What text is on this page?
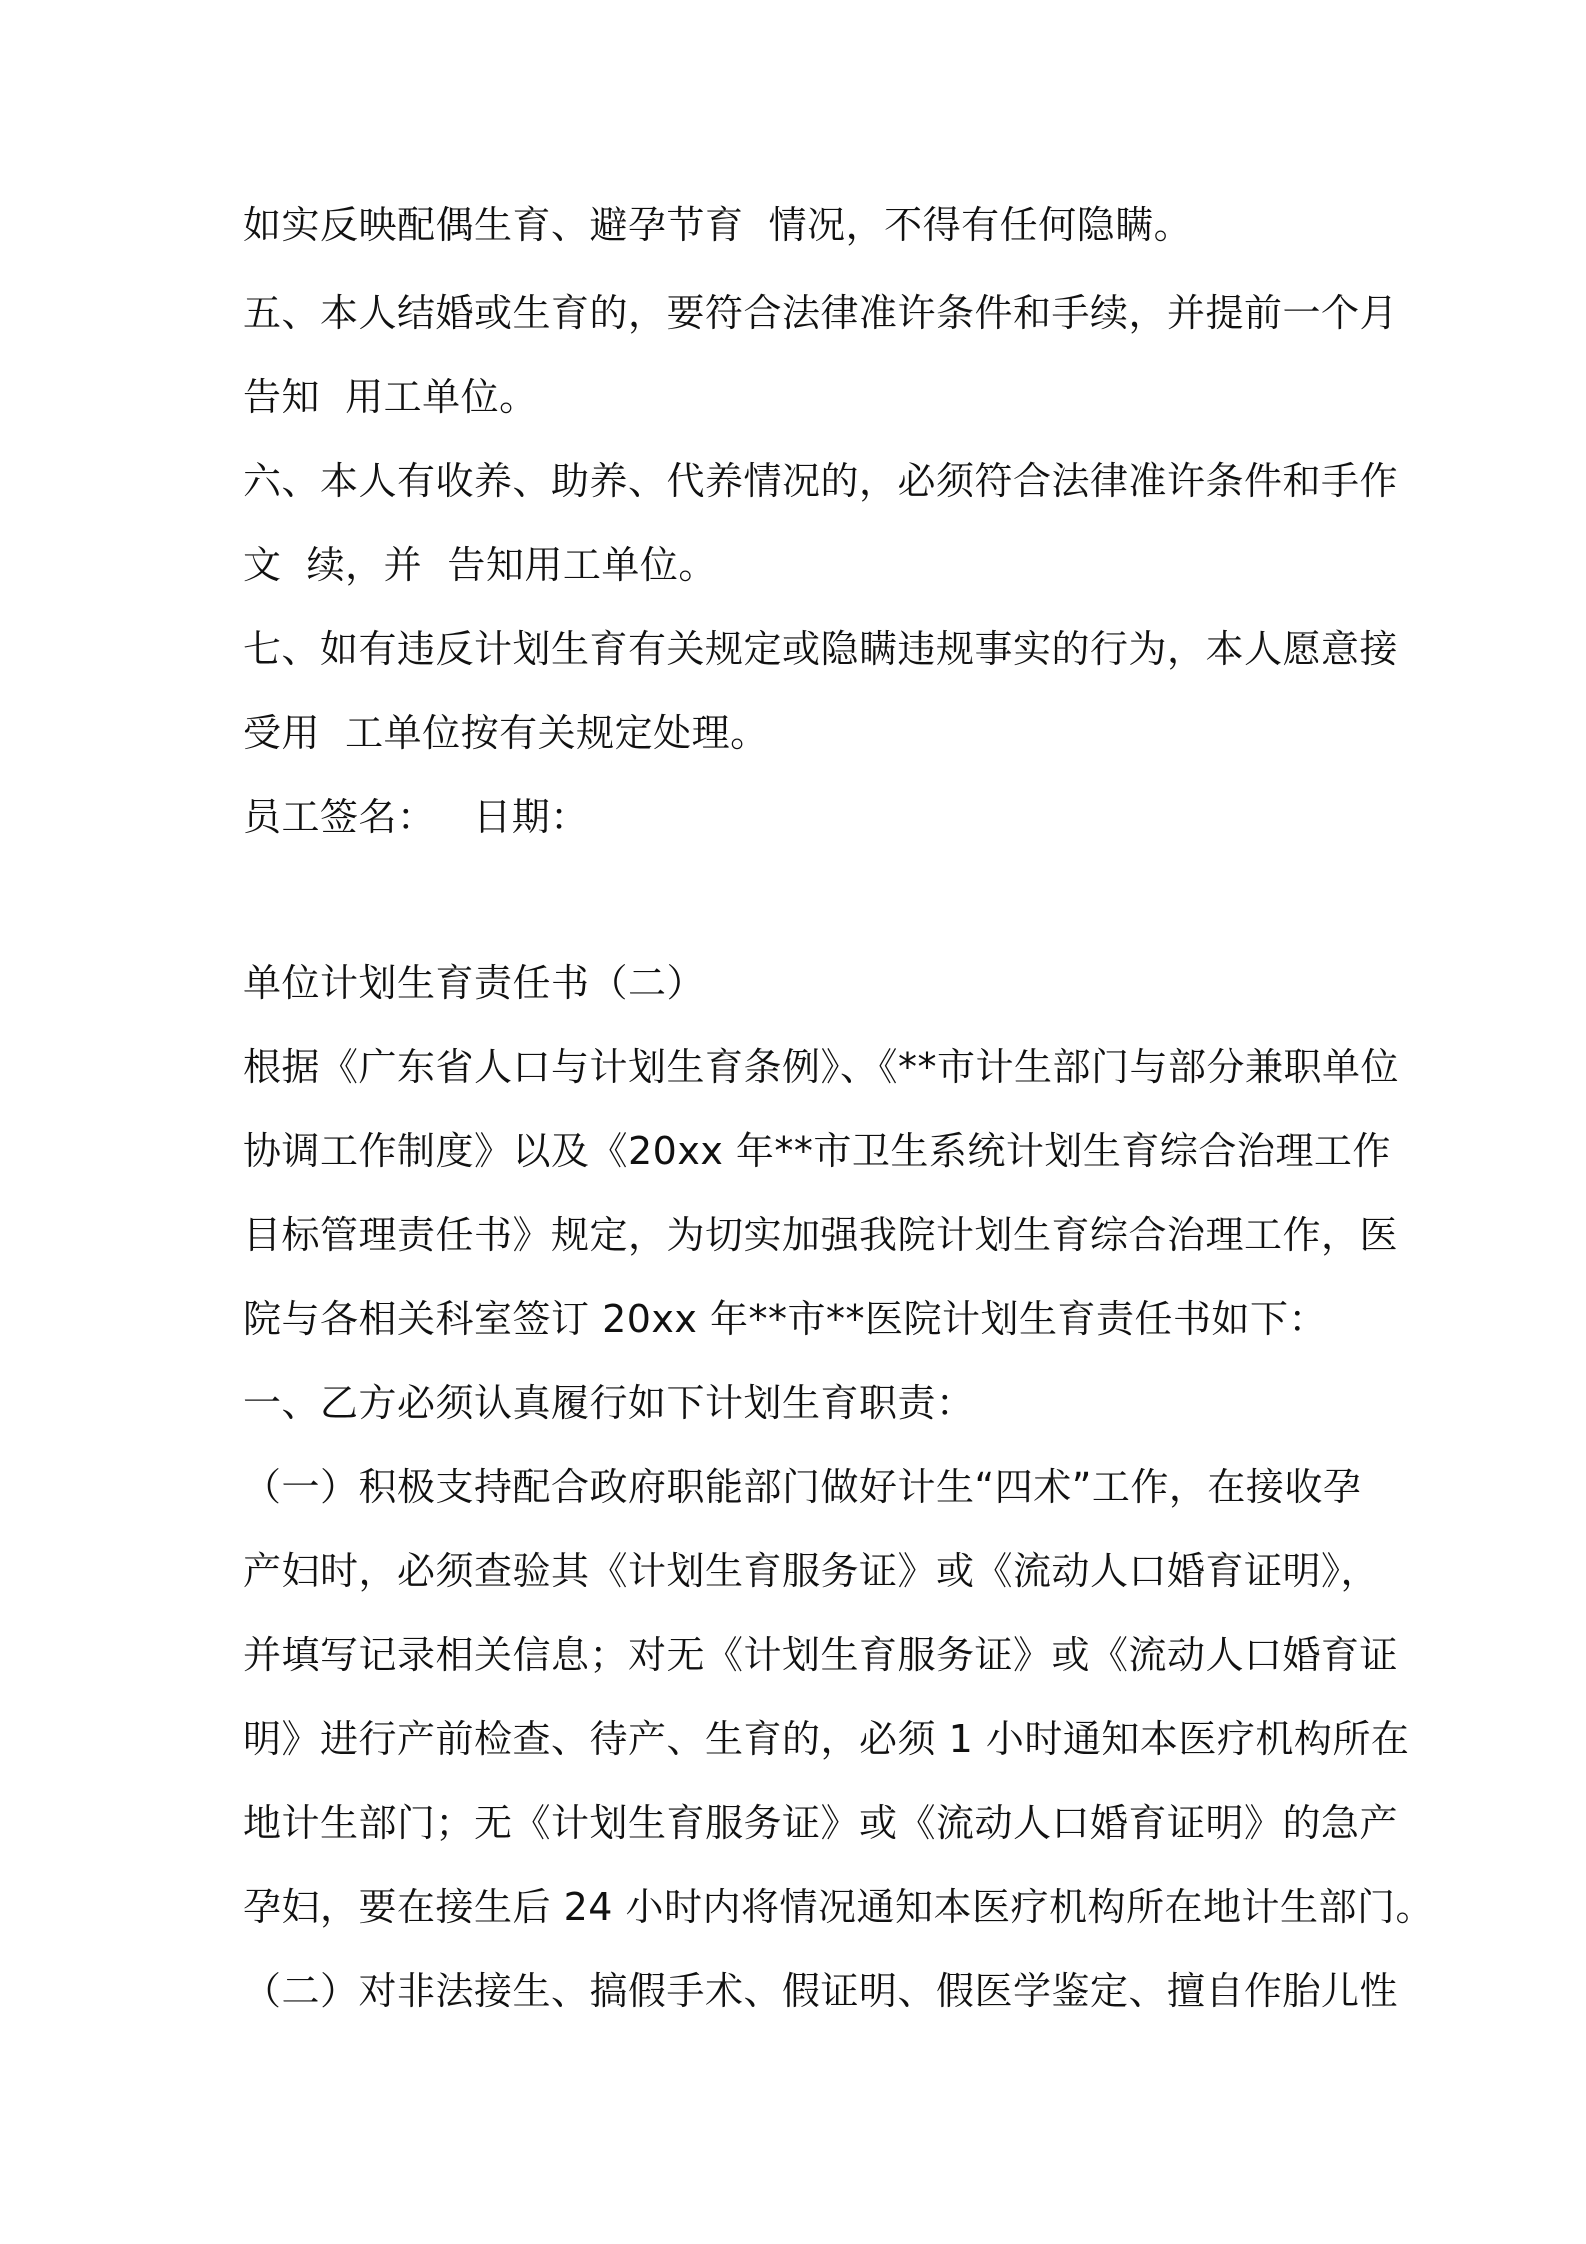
如实反映配偶生育、避孕节育  情况，不得有任何隐瞒。
五、本人结婚或生育的，要符合法律准许条件和手续，并提前一个月
告知  用工单位。
六、本人有收养、助养、代养情况的，必须符合法律准许条件和手作
文  续，并  告知用工单位。
七、如有违反计划生育有关规定或隐瞒违规事实的行为，本人愿意接
受用  工单位按有关规定处理。
员工签名：   日期：
单位计划生育责任书（二）
根据《广东省人口与计划生育条例》、《**市计生部门与部分兼职单位
协调工作制度》以及《20xx 年**市卫生系统计划生育综合治理工作
目标管理责任书》规定，为切实加强我院计划生育综合治理工作，医
院与各相关科室签订 20xx 年**市**医院计划生育责任书如下：
一、乙方必须认真履行如下计划生育职责：
（一）积极支持配合政府职能部门做好计生“四术”工作，在接收孕
产妇时，必须查验其《计划生育服务证》或《流动人口婚育证明》，
并填写记录相关信息；对无《计划生育服务证》或《流动人口婚育证
明》进行产前检查、待产、生育的，必须 1 小时通知本医疗机构所在
地计生部门；无《计划生育服务证》或《流动人口婚育证明》的急产
孕妇，要在接生后 24 小时内将情况通知本医疗机构所在地计生部门。
（二）对非法接生、搞假手术、假证明、假医学鉴定、擅自作胎儿性
